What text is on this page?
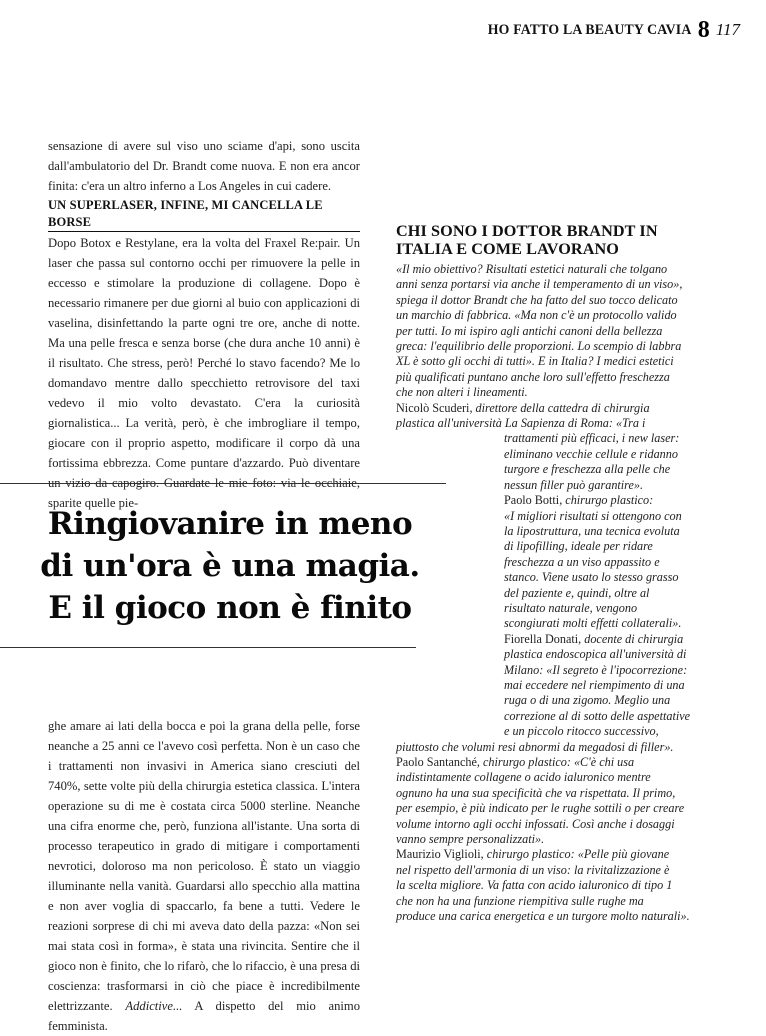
HO FATTO LA BEAUTY CAVIA 8 117

sensazione di avere sul viso uno sciame d'api, sono uscita dall'ambulatorio del Dr. Brandt come nuova. E non era ancor finita: c'era un altro inferno a Los Angeles in cui cadere.

UN SUPERLASER, INFINE, MI CANCELLA LE BORSE

Dopo Botox e Restylane, era la volta del Fraxel Re:pair. Un laser che passa sul contorno occhi per rimuovere la pelle in eccesso e stimolare la produzione di collagene. Dopo è necessario rimanere per due giorni al buio con applicazioni di vaselina, disinfettando la parte ogni tre ore, anche di notte. Ma una pelle fresca e senza borse (che dura anche 10 anni) è il risultato. Che stress, però! Perché lo stavo facendo? Me lo domandavo mentre dallo specchietto retrovisore del taxi vedevo il mio volto devastato. C'era la curiosità giornalistica... La verità, però, è che imbrogliare il tempo, giocare con il proprio aspetto, modificare il corpo dà una fortissima ebbrezza. Come puntare d'azzardo. Può diventare un vizio da capogiro. Guardate le mie foto: via le occhiaie, sparite quelle pie-

Ringiovanire in meno
di un'ora è una magia.
E il gioco non è finito

ghe amare ai lati della bocca e poi la grana della pelle, forse neanche a 25 anni ce l'avevo così perfetta. Non è un caso che i trattamenti non invasivi in America siano cresciuti del 740%, sette volte più della chirurgia estetica classica. L'intera operazione su di me è costata circa 5000 sterline. Neanche una cifra enorme che, però, funziona all'istante. Una sorta di processo terapeutico in grado di mitigare i comportamenti nevrotici, doloroso ma non pericoloso. È stato un viaggio illuminante nella vanità. Guardarsi allo specchio alla mattina e non aver voglia di spaccarlo, fa bene a tutti. Vedere le reazioni sorprese di chi mi aveva dato della pazza: «Non sei mai stata così in forma», è stata una rivincita. Sentire che il gioco non è finito, che lo rifarò, che lo rifaccio, è una presa di coscienza: trasformarsi in ciò che piace è incredibilmente elettrizzante. Addictive... A dispetto del mio animo femminista.

CHI SONO I DOTTOR BRANDT IN
ITALIA E COME LAVORANO
«Il mio obiettivo? Risultati estetici naturali che tolgano
anni senza portarsi via anche il temperamento di un viso»,
spiega il dottor Brandt che ha fatto del suo tocco delicato
un marchio di fabbrica. «Ma non c'è un protocollo valido
per tutti. Io mi ispiro agli antichi canoni della bellezza
greca: l'equilibrio delle proporzioni. Lo scempio di labbra
XL è sotto gli occhi di tutti». E in Italia? I medici estetici
più qualificati puntano anche loro sull'effetto freschezza
che non alteri i lineamenti.
Nicolò Scuderi, direttore della cattedra di chirurgia
plastica all'università La Sapienza di Roma: «Tra i
trattamenti più efficaci, i new laser:
eliminano vecchie cellule e ridanno
turgore e freschezza alla pelle che
nessun filler può garantire».
Paolo Botti, chirurgo plastico:
«I migliori risultati si ottengono con
la lipostruttura, una tecnica evoluta
di lipofilling, ideale per ridare
freschezza a un viso appassito e
stanco. Viene usato lo stesso grasso
del paziente e, quindi, oltre al
risultato naturale, vengono
scongiurati molti effetti collaterali».
Fiorella Donati, docente di chirurgia
plastica endoscopica all'università di
Milano: «Il segreto è l'ipocorrezione:
mai eccedere nel riempimento di una
ruga o di una zigomo. Meglio una
correzione al di sotto delle aspettative
e un piccolo ritocco successivo,
piuttosto che volumi resi abnormi da megadosi di filler».
Paolo Santanché, chirurgo plastico: «C'è chi usa
indistintamente collagene o acido ialuronico mentre
ognuno ha una sua specificità che va rispettata. Il primo,
per esempio, è più indicato per le rughe sottili o per creare
volume intorno agli occhi infossati. Così anche i dosaggi
vanno sempre personalizzati».
Maurizio Viglioli, chirurgo plastico: «Pelle più giovane
nel rispetto dell'armonia di un viso: la rivitalizzazione è
la scelta migliore. Va fatta con acido ialuronico di tipo 1
che non ha una funzione riempitiva sulle rughe ma
produce una carica energetica e un turgore molto naturali».
